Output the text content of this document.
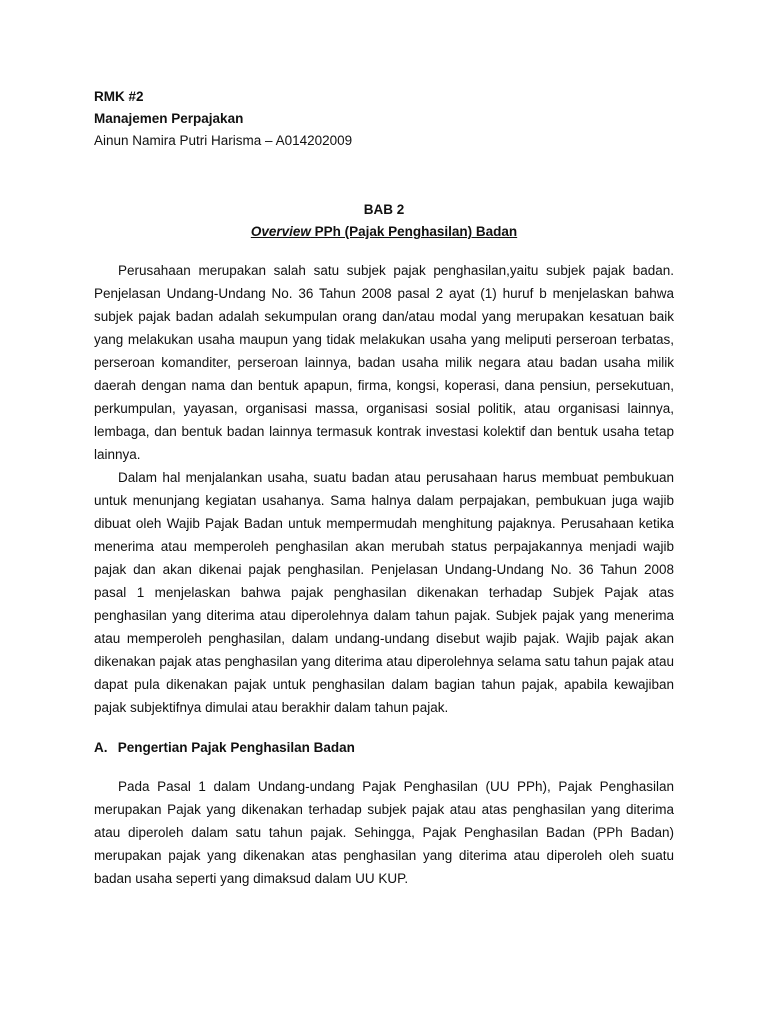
RMK #2
Manajemen Perpajakan
Ainun Namira Putri Harisma – A014202009
BAB 2
Overview PPh (Pajak Penghasilan) Badan

Perusahaan merupakan salah satu subjek pajak penghasilan,yaitu subjek pajak badan. Penjelasan Undang-Undang No. 36 Tahun 2008 pasal 2 ayat (1) huruf b menjelaskan bahwa subjek pajak badan adalah sekumpulan orang dan/atau modal yang merupakan kesatuan baik yang melakukan usaha maupun yang tidak melakukan usaha yang meliputi perseroan terbatas, perseroan komanditer, perseroan lainnya, badan usaha milik negara atau badan usaha milik daerah dengan nama dan bentuk apapun, firma, kongsi, koperasi, dana pensiun, persekutuan, perkumpulan, yayasan, organisasi massa, organisasi sosial politik, atau organisasi lainnya, lembaga, dan bentuk badan lainnya termasuk kontrak investasi kolektif dan bentuk usaha tetap lainnya.

Dalam hal menjalankan usaha, suatu badan atau perusahaan harus membuat pembukuan untuk menunjang kegiatan usahanya. Sama halnya dalam perpajakan, pembukuan juga wajib dibuat oleh Wajib Pajak Badan untuk mempermudah menghitung pajaknya. Perusahaan ketika menerima atau memperoleh penghasilan akan merubah status perpajakannya menjadi wajib pajak dan akan dikenai pajak penghasilan. Penjelasan Undang-Undang No. 36 Tahun 2008 pasal 1 menjelaskan bahwa pajak penghasilan dikenakan terhadap Subjek Pajak atas penghasilan yang diterima atau diperolehnya dalam tahun pajak. Subjek pajak yang menerima atau memperoleh penghasilan, dalam undang-undang disebut wajib pajak. Wajib pajak akan dikenakan pajak atas penghasilan yang diterima atau diperolehnya selama satu tahun pajak atau dapat pula dikenakan pajak untuk penghasilan dalam bagian tahun pajak, apabila kewajiban pajak subjektifnya dimulai atau berakhir dalam tahun pajak.

A. Pengertian Pajak Penghasilan Badan

Pada Pasal 1 dalam Undang-undang Pajak Penghasilan (UU PPh), Pajak Penghasilan merupakan Pajak yang dikenakan terhadap subjek pajak atau atas penghasilan yang diterima atau diperoleh dalam satu tahun pajak. Sehingga, Pajak Penghasilan Badan (PPh Badan) merupakan pajak yang dikenakan atas penghasilan yang diterima atau diperoleh oleh suatu badan usaha seperti yang dimaksud dalam UU KUP.
